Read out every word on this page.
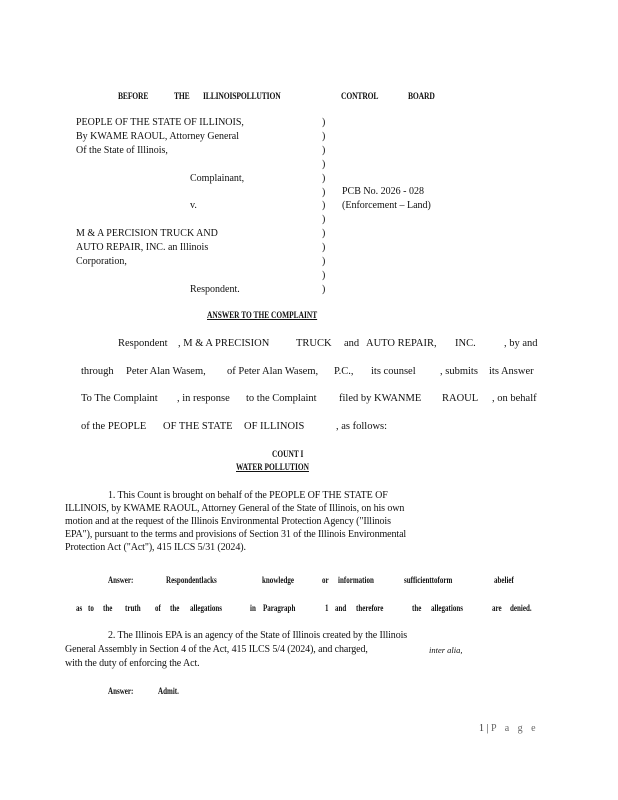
BEFORE	THE ILLINOISPOLLUTION	CONTROL	BOARD
PEOPLE OF THE STATE OF ILLINOIS,
By KWAME RAOUL, Attorney General
Of the State of Illinois,
Complainant,
v.
M & A PERCISION TRUCK AND
AUTO REPAIR, INC. an Illinois
Corporation,
Respondent.
)
)
)
)
)
)
)
)
)
)
)
)
)
PCB No. 2026 - 028
(Enforcement – Land)
ANSWER TO THE COMPLAINT
Respondent , M & A PRECISION	TRUCK and AUTO REPAIR, INC.	, by and
through Peter Alan Wasem, of Peter Alan Wasem, P.C., its counsel , submits its Answer
To The Complaint , in response to the Complaint filed by KWANME RAOUL , on behalf
of the PEOPLE OF THE STATE OF ILLINOIS	, as follows:
COUNT I
WATER POLLUTION
1. This Count is brought on behalf of the PEOPLE OF THE STATE OF
ILLINOIS, by KWAME RAOUL, Attorney General of the State of Illinois, on his own
motion and at the request of the Illinois Environmental Protection Agency ("Illinois
EPA"), pursuant to the terms and provisions of Section 31 of the Illinois Environmental
Protection Act ("Act"), 415 ILCS 5/31 (2024).
Answer:	Respondentlacks	knowledge	or information	sufficienttoform	abelief
as to the truth of the allegations	in Paragraph	1 and therefore	the allegations	are denied.
2. The Illinois EPA is an agency of the State of Illinois created by the Illinois
General Assembly in Section 4 of the Act, 415 ILCS 5/4 (2024), and charged,	inter alia,
with the duty of enforcing the Act.
Answer:	Admit.
1 | P a g e
